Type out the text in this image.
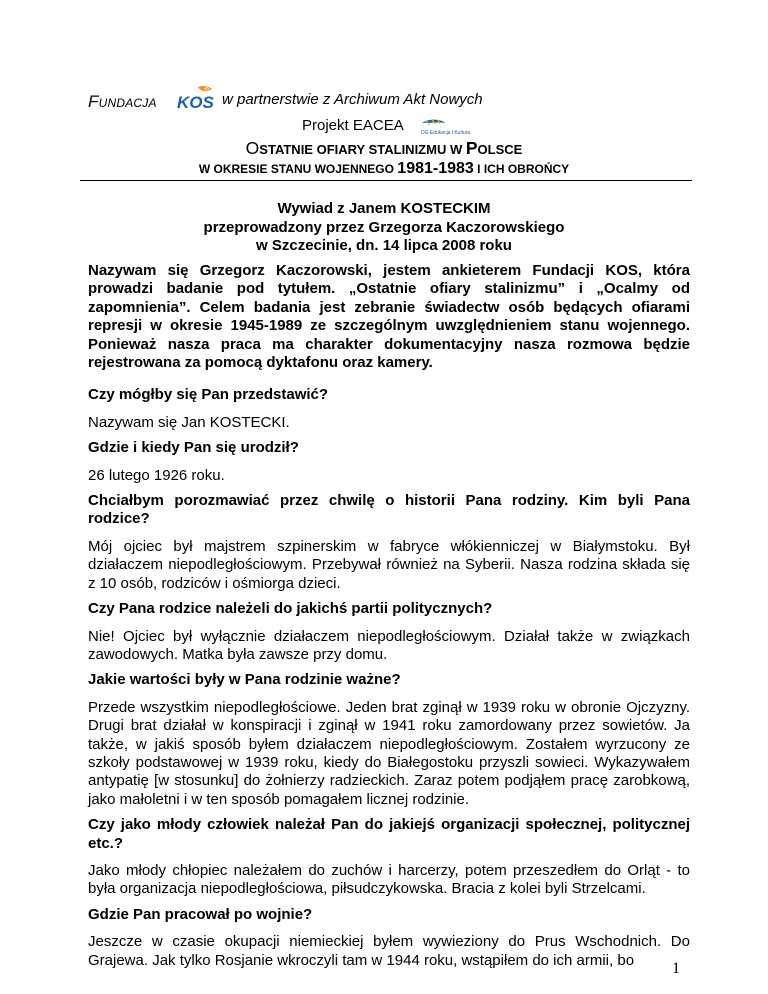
FUNDACJA KOS w partnerstwie z Archiwum Akt Nowych
Projekt EACEA	DG Edukacja i Kultura
OSTATNIE OFIARY STALINIZMU W POLSCE
W OKRESIE STANU WOJENNEGO 1981-1983 I ICH OBROŃCY
Wywiad z Janem KOSTECKIM
przeprowadzony przez Grzegorza Kaczorowskiego
w Szczecinie, dn. 14 lipca 2008 roku

Nazywam się Grzegorz Kaczorowski, jestem ankieterem Fundacji KOS, która prowadzi badanie pod tytułem. „Ostatnie ofiary stalinizmu” i „Ocalmy od zapomnienia”. Celem badania jest zebranie świadectw osób będących ofiarami represji w okresie 1945-1989 ze szczególnym uwzględnieniem stanu wojennego. Ponieważ nasza praca ma charakter dokumentacyjny nasza rozmowa będzie rejestrowana za pomocą dyktafonu oraz kamery.

Czy mógłby się Pan przedstawić?

Nazywam się Jan KOSTECKI.

Gdzie i kiedy Pan się urodził?

26 lutego 1926 roku.

Chciałbym porozmawiać przez chwilę o historii Pana rodziny. Kim byli Pana rodzice?

Mój ojciec był majstrem szpinerskim w fabryce włókienniczej w Białymstoku. Był działaczem niepodległościowym. Przebywał również na Syberii. Nasza rodzina składa się z 10 osób, rodziców i ośmiorga dzieci.

Czy Pana rodzice należeli do jakichś partii politycznych?

Nie! Ojciec był wyłącznie działaczem niepodległościowym. Działał także w związkach zawodowych. Matka była zawsze przy domu.

Jakie wartości były w Pana rodzinie ważne?

Przede wszystkim niepodległościowe. Jeden brat zginął w 1939 roku w obronie Ojczyzny. Drugi brat działał w konspiracji i zginął w 1941 roku zamordowany przez sowietów. Ja także, w jakiś sposób byłem działaczem niepodległościowym. Zostałem wyrzucony ze szkoły podstawowej w 1939 roku, kiedy do Białegostoku przyszli sowieci. Wykazywałem antypatię [w stosunku] do żołnierzy radzieckich. Zaraz potem podjąłem pracę zarobkową, jako małoletni i w ten sposób pomagałem licznej rodzinie.

Czy jako młody człowiek należał Pan do jakiejś organizacji społecznej, politycznej etc.?

Jako młody chłopiec należałem do zuchów i harcerzy, potem przeszedłem do Orląt - to była organizacja niepodległościowa, piłsudczykowska. Bracia z kolei byli Strzelcami.

Gdzie Pan pracował po wojnie?

Jeszcze w czasie okupacji niemieckiej byłem wywieziony do Prus Wschodnich. Do Grajewa. Jak tylko Rosjanie wkroczyli tam w 1944 roku, wstąpiłem do ich armii, bo	1
